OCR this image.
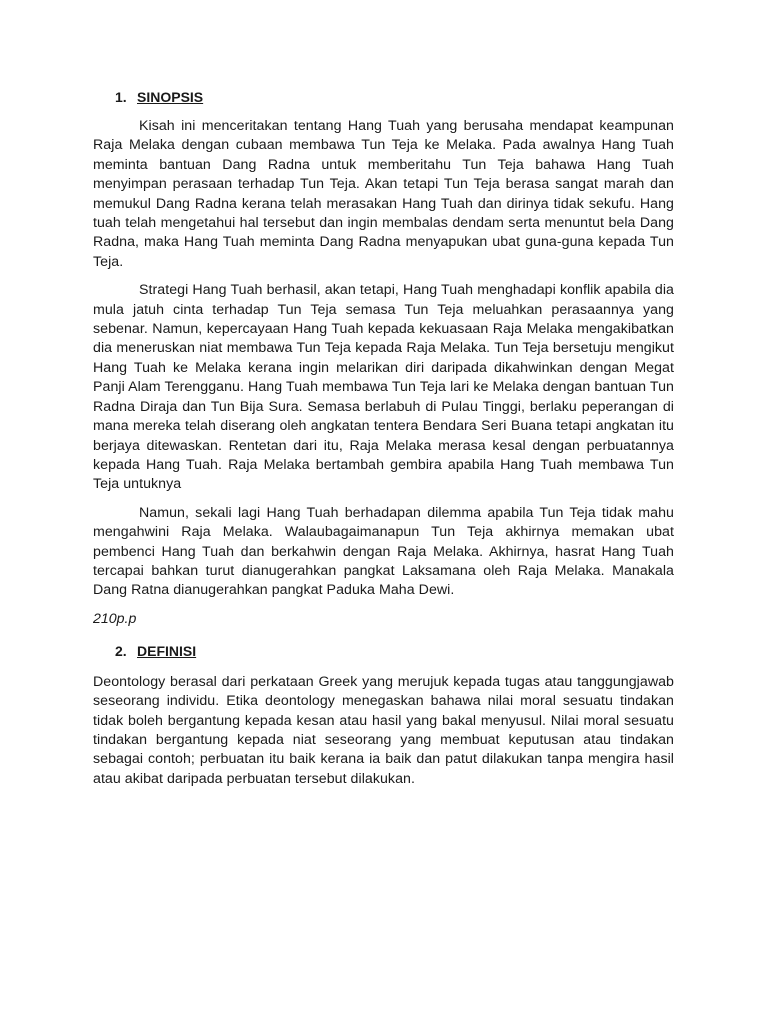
1. SINOPSIS

Kisah ini menceritakan tentang Hang Tuah yang berusaha mendapat keampunan Raja Melaka dengan cubaan membawa Tun Teja ke Melaka. Pada awalnya Hang Tuah meminta bantuan Dang Radna untuk memberitahu Tun Teja bahawa Hang Tuah menyimpan perasaan terhadap Tun Teja. Akan tetapi Tun Teja berasa sangat marah dan memukul Dang Radna kerana telah merasakan Hang Tuah dan dirinya tidak sekufu. Hang tuah telah mengetahui hal tersebut dan ingin membalas dendam serta menuntut bela Dang Radna, maka Hang Tuah meminta Dang Radna menyapukan ubat guna-guna kepada Tun Teja.

Strategi Hang Tuah berhasil, akan tetapi, Hang Tuah menghadapi konflik apabila dia mula jatuh cinta terhadap Tun Teja semasa Tun Teja meluahkan perasaannya yang sebenar. Namun, kepercayaan Hang Tuah kepada kekuasaan Raja Melaka mengakibatkan dia meneruskan niat membawa Tun Teja kepada Raja Melaka. Tun Teja bersetuju mengikut Hang Tuah ke Melaka kerana ingin melarikan diri daripada dikahwinkan dengan Megat Panji Alam Terengganu. Hang Tuah membawa Tun Teja lari ke Melaka dengan bantuan Tun Radna Diraja dan Tun Bija Sura. Semasa berlabuh di Pulau Tinggi, berlaku peperangan di mana mereka telah diserang oleh angkatan tentera Bendara Seri Buana tetapi angkatan itu berjaya ditewaskan. Rentetan dari itu, Raja Melaka merasa kesal dengan perbuatannya kepada Hang Tuah. Raja Melaka bertambah gembira apabila Hang Tuah membawa Tun Teja untuknya

Namun, sekali lagi Hang Tuah berhadapan dilemma apabila Tun Teja tidak mahu mengahwini Raja Melaka. Walaubagaimanapun Tun Teja akhirnya memakan ubat pembenci Hang Tuah dan berkahwin dengan Raja Melaka. Akhirnya, hasrat Hang Tuah tercapai bahkan turut dianugerahkan pangkat Laksamana oleh Raja Melaka. Manakala Dang Ratna dianugerahkan pangkat Paduka Maha Dewi.

210p.p
2. DEFINISI

Deontology berasal dari perkataan Greek yang merujuk kepada tugas atau tanggungjawab seseorang individu. Etika deontology menegaskan bahawa nilai moral sesuatu tindakan tidak boleh bergantung kepada kesan atau hasil yang bakal menyusul. Nilai moral sesuatu tindakan bergantung kepada niat seseorang yang membuat keputusan atau tindakan sebagai contoh; perbuatan itu baik kerana ia baik dan patut dilakukan tanpa mengira hasil atau akibat daripada perbuatan tersebut dilakukan.
